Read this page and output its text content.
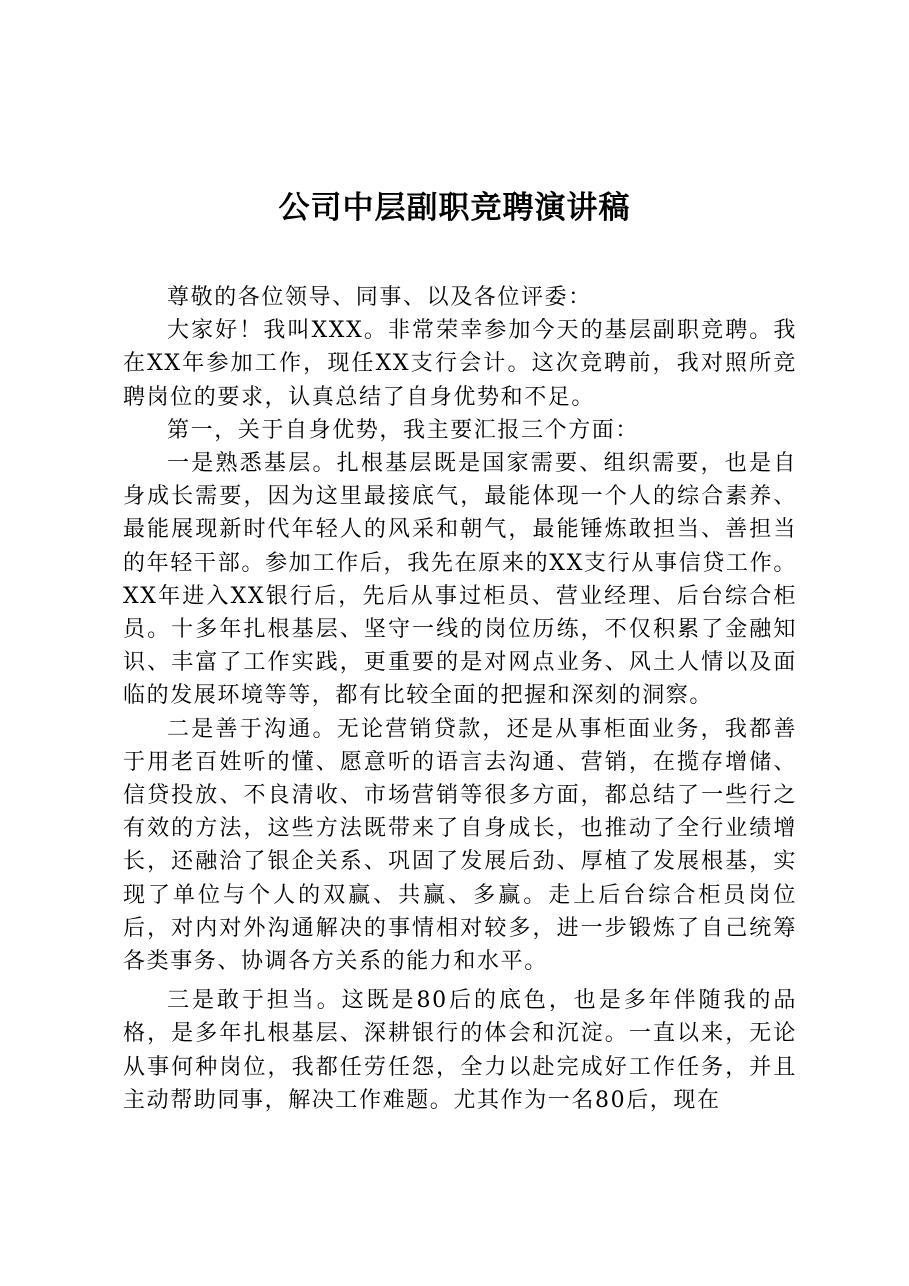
公司中层副职竞聘演讲稿

尊敬的各位领导、同事、以及各位评委：

大家好！我叫XXX。非常荣幸参加今天的基层副职竞聘。我在XX年参加工作，现任XX支行会计。这次竞聘前，我对照所竞聘岗位的要求，认真总结了自身优势和不足。

第一，关于自身优势，我主要汇报三个方面：

一是熟悉基层。扎根基层既是国家需要、组织需要，也是自身成长需要，因为这里最接底气，最能体现一个人的综合素养、最能展现新时代年轻人的风采和朝气，最能锤炼敢担当、善担当的年轻干部。参加工作后，我先在原来的XX支行从事信贷工作。XX年进入XX银行后，先后从事过柜员、营业经理、后台综合柜员。十多年扎根基层、坚守一线的岗位历练，不仅积累了金融知识、丰富了工作实践，更重要的是对网点业务、风土人情以及面临的发展环境等等，都有比较全面的把握和深刻的洞察。

二是善于沟通。无论营销贷款，还是从事柜面业务，我都善于用老百姓听的懂、愿意听的语言去沟通、营销，在揽存增储、信贷投放、不良清收、市场营销等很多方面，都总结了一些行之有效的方法，这些方法既带来了自身成长，也推动了全行业绩增长，还融洽了银企关系、巩固了发展后劲、厚植了发展根基，实现了单位与个人的双赢、共赢、多赢。走上后台综合柜员岗位后，对内对外沟通解决的事情相对较多，进一步锻炼了自己统筹各类事务、协调各方关系的能力和水平。

三是敢于担当。这既是80后的底色，也是多年伴随我的品格，是多年扎根基层、深耕银行的体会和沉淀。一直以来，无论从事何种岗位，我都任劳任怨，全力以赴完成好工作任务，并且主动帮助同事，解决工作难题。尤其作为一名80后，现在
